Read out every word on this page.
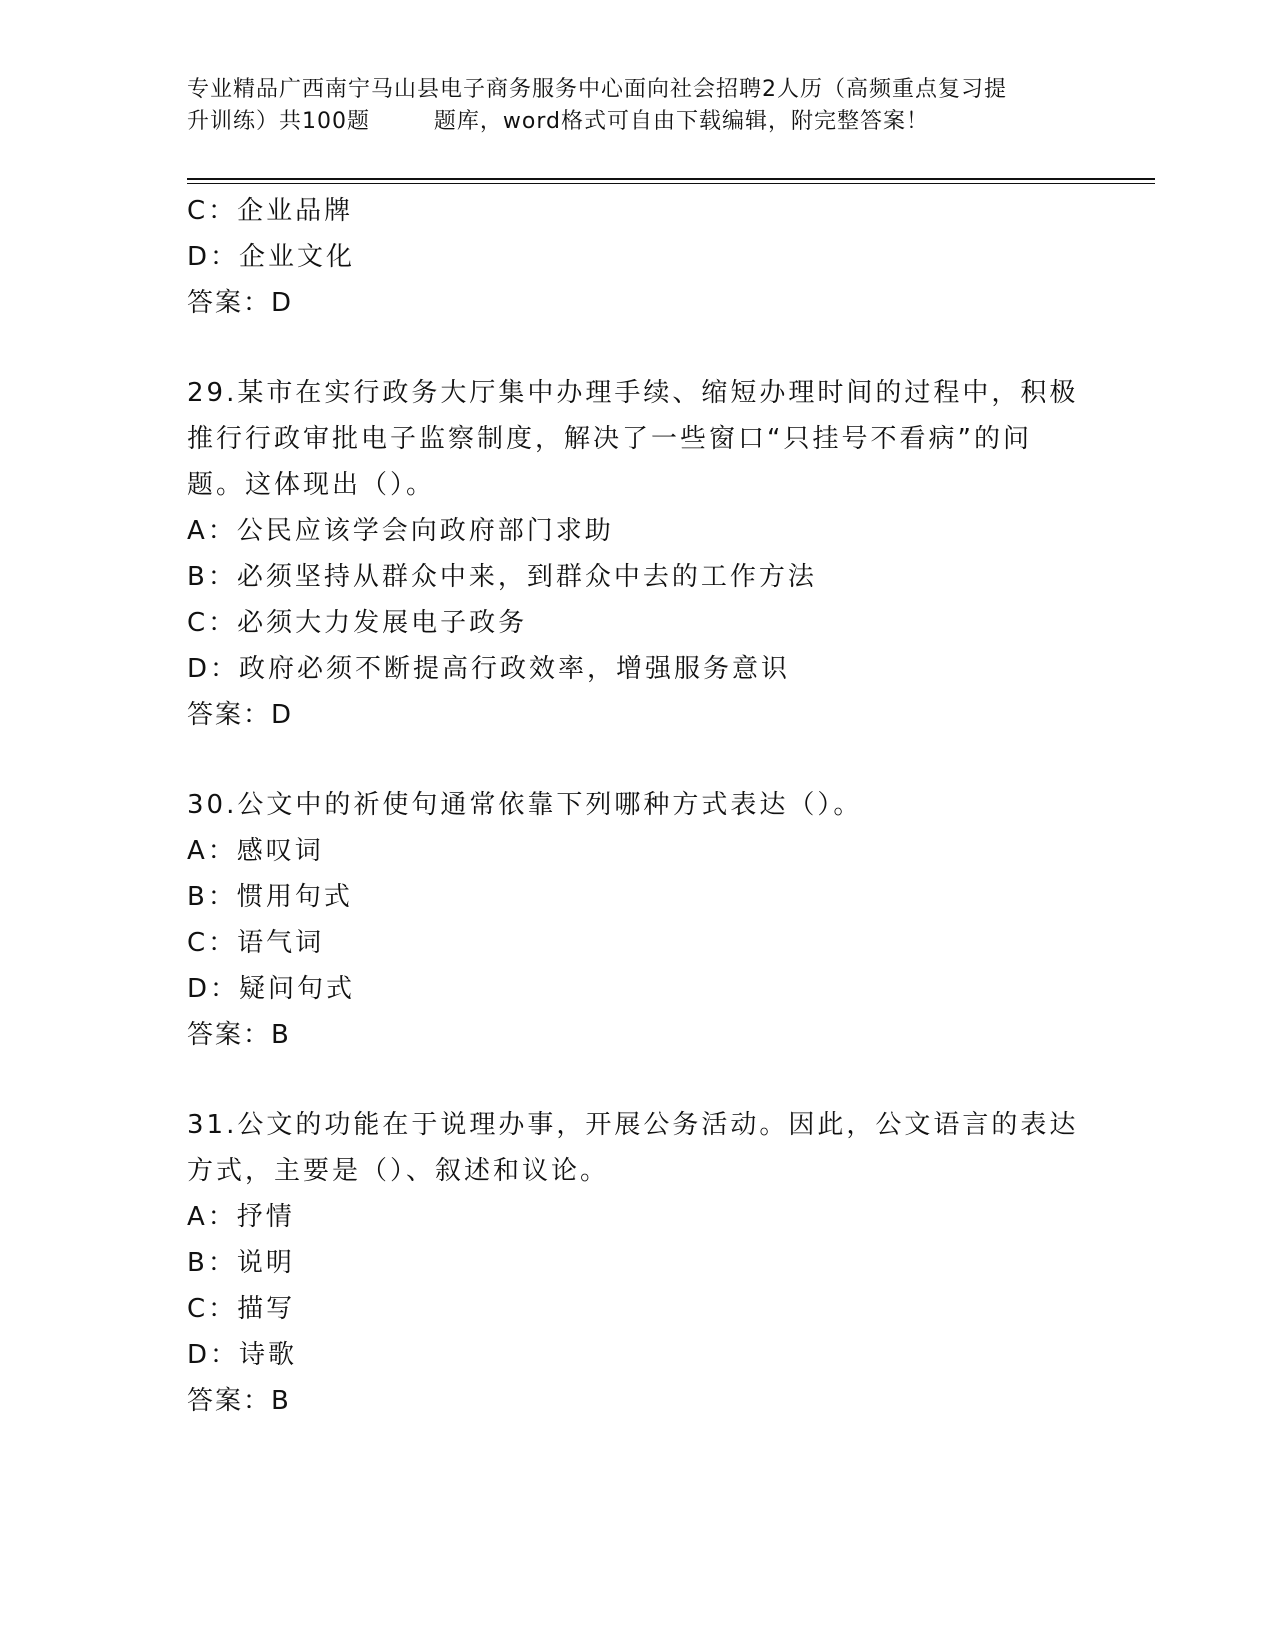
专业精品广西南宁马山县电子商务服务中心面向社会招聘2人历（高频重点复习提
升训练）共100题        题库，word格式可自由下载编辑，附完整答案！
C：企业品牌
D：企业文化
答案：D
29.某市在实行政务大厅集中办理手续、缩短办理时间的过程中，积极
推行行政审批电子监察制度，解决了一些窗口“只挂号不看病”的问
题。这体现出（）。
A：公民应该学会向政府部门求助
B：必须坚持从群众中来，到群众中去的工作方法
C：必须大力发展电子政务
D：政府必须不断提高行政效率，增强服务意识
答案：D
30.公文中的祈使句通常依靠下列哪种方式表达（）。
A：感叹词
B：惯用句式
C：语气词
D：疑问句式
答案：B
31.公文的功能在于说理办事，开展公务活动。因此，公文语言的表达
方式，主要是（）、叙述和议论。
A：抒情
B：说明
C：描写
D：诗歌
答案：B
